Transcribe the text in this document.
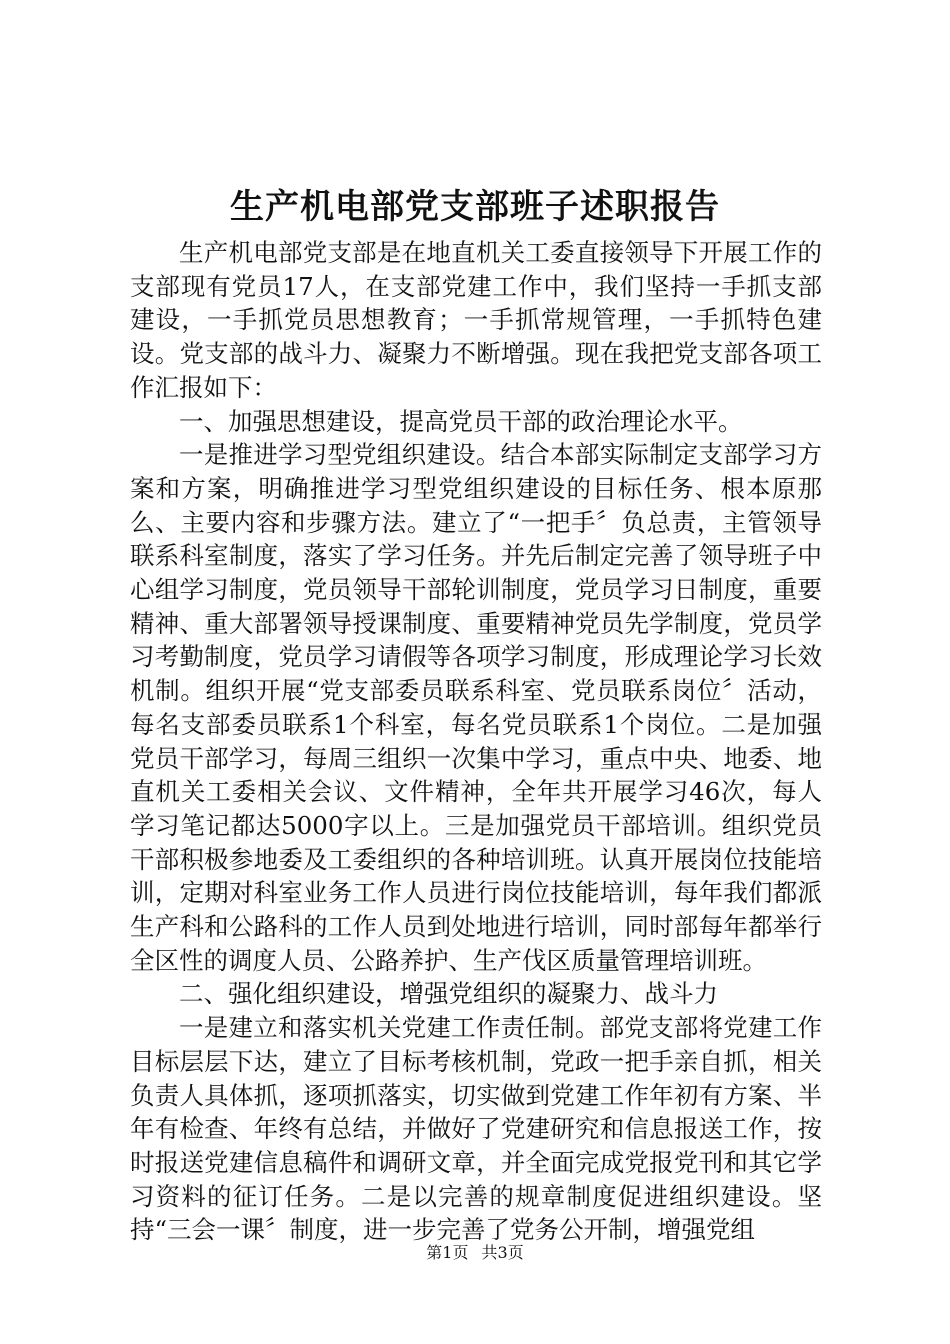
生产机电部党支部班子述职报告

生产机电部党支部是在地直机关工委直接领导下开展工作的支部现有党员17人，在支部党建工作中，我们坚持一手抓支部建设，一手抓党员思想教育；一手抓常规管理，一手抓特色建设。党支部的战斗力、凝聚力不断增强。现在我把党支部各项工作汇报如下：

一、加强思想建设，提高党员干部的政治理论水平。

一是推进学习型党组织建设。结合本部实际制定支部学习方案和方案，明确推进学习型党组织建设的目标任务、根本原那么、主要内容和步骤方法。建立了“一把手〞负总责，主管领导联系科室制度，落实了学习任务。并先后制定完善了领导班子中心组学习制度，党员领导干部轮训制度，党员学习日制度，重要精神、重大部署领导授课制度、重要精神党员先学制度，党员学习考勤制度，党员学习请假等各项学习制度，形成理论学习长效机制。组织开展“党支部委员联系科室、党员联系岗位〞活动，每名支部委员联系1个科室，每名党员联系1个岗位。二是加强党员干部学习，每周三组织一次集中学习，重点中央、地委、地直机关工委相关会议、文件精神，全年共开展学习46次，每人学习笔记都达5000字以上。三是加强党员干部培训。组织党员干部积极参地委及工委组织的各种培训班。认真开展岗位技能培训，定期对科室业务工作人员进行岗位技能培训，每年我们都派生产科和公路科的工作人员到处地进行培训，同时部每年都举行全区性的调度人员、公路养护、生产伐区质量管理培训班。

二、强化组织建设，增强党组织的凝聚力、战斗力

一是建立和落实机关党建工作责任制。部党支部将党建工作目标层层下达，建立了目标考核机制，党政一把手亲自抓，相关负责人具体抓，逐项抓落实，切实做到党建工作年初有方案、半年有检查、年终有总结，并做好了党建研究和信息报送工作，按时报送党建信息稿件和调研文章，并全面完成党报党刊和其它学习资料的征订任务。二是以完善的规章制度促进组织建设。坚持“三会一课〞制度，进一步完善了党务公开制，增强党组

第1页 共3页
